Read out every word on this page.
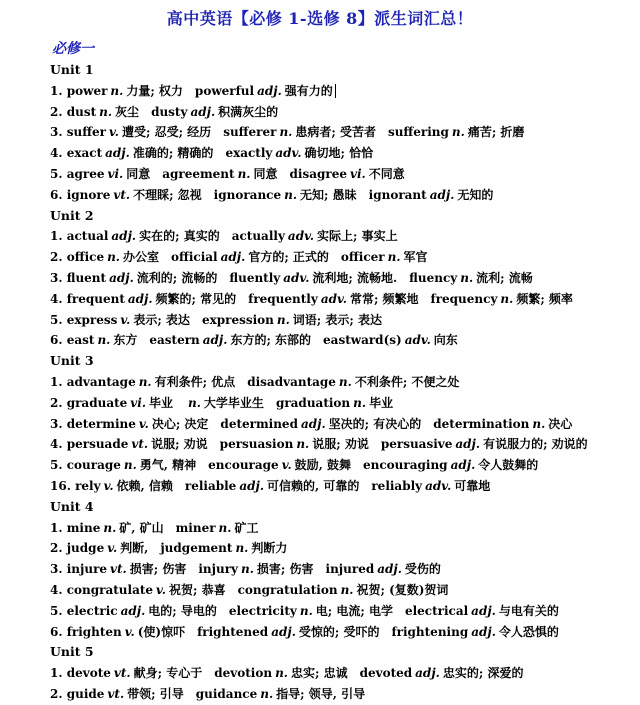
高中英语【必修 1-选修 8】派生词汇总！
必修一
Unit 1
1. power n. 力量; 权力 powerful adj. 强有力的
2. dust n. 灰尘 dusty adj. 积满灰尘的
3. suffer v. 遭受; 忍受; 经历 sufferer n. 患病者; 受苦者 suffering n. 痛苦; 折磨
4. exact adj. 准确的; 精确的 exactly adv. 确切地; 恰恰
5. agree vi. 同意 agreement n. 同意 disagree vi. 不同意
6. ignore vt. 不理睬; 忽视 ignorance n. 无知; 愚昧 ignorant adj. 无知的
Unit 2
1. actual adj. 实在的; 真实的 actually adv. 实际上; 事实上
2. office n. 办公室 official adj. 官方的; 正式的 officer n. 军官
3. fluent adj. 流利的; 流畅的 fluently adv. 流利地; 流畅地. fluency n. 流利; 流畅
4. frequent adj. 频繁的; 常见的 frequently adv. 常常; 频繁地 frequency n. 频繁; 频率
5. express v. 表示; 表达 expression n. 词语; 表示; 表达
6. east n. 东方 eastern adj. 东方的; 东部的 eastward(s) adv. 向东
Unit 3
1. advantage n. 有利条件; 优点 disadvantage n. 不利条件; 不便之处
2. graduate vi. 毕业 n. 大学毕业生 graduation n. 毕业
3. determine v. 决心; 决定 determined adj. 坚决的; 有决心的 determination n. 决心
4. persuade vt. 说服; 劝说 persuasion n. 说服; 劝说 persuasive adj. 有说服力的; 劝说的
5. courage n. 勇气, 精神 encourage v. 鼓励, 鼓舞 encouraging adj. 令人鼓舞的
16. rely v. 依赖, 信赖 reliable adj. 可信赖的, 可靠的 reliably adv. 可靠地
Unit 4
1. mine n. 矿, 矿山 miner n. 矿工
2. judge v. 判断, judgement n. 判断力
3. injure vt. 损害; 伤害 injury n. 损害; 伤害 injured adj. 受伤的
4. congratulate v. 祝贺; 恭喜 congratulation n. 祝贺; (复数)贺词
5. electric adj. 电的; 导电的 electricity n. 电; 电流; 电学 electrical adj. 与电有关的
6. frighten v. (使)惊吓 frightened adj. 受惊的; 受吓的 frightening adj. 令人恐惧的
Unit 5
1. devote vt. 献身; 专心于 devotion n. 忠实; 忠诚 devoted adj. 忠实的; 深爱的
2. guide vt. 带领; 引导 guidance n. 指导; 领导, 引导
